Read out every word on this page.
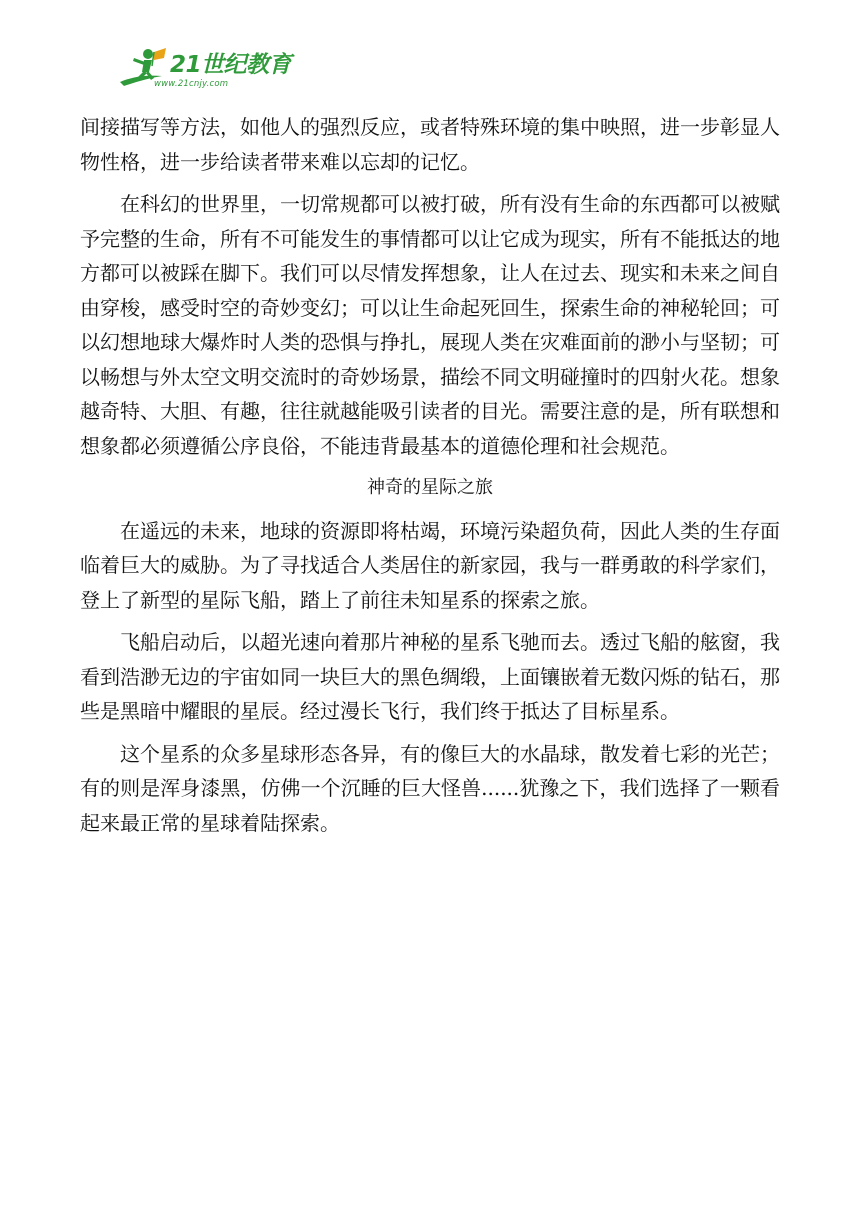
21世纪教育
www.21cnjy.com

间接描写等方法，如他人的强烈反应，或者特殊环境的集中映照，进一步彰显人物性格，进一步给读者带来难以忘却的记忆。

在科幻的世界里，一切常规都可以被打破，所有没有生命的东西都可以被赋予完整的生命，所有不可能发生的事情都可以让它成为现实，所有不能抵达的地方都可以被踩在脚下。我们可以尽情发挥想象，让人在过去、现实和未来之间自由穿梭，感受时空的奇妙变幻；可以让生命起死回生，探索生命的神秘轮回；可以幻想地球大爆炸时人类的恐惧与挣扎，展现人类在灾难面前的渺小与坚韧；可以畅想与外太空文明交流时的奇妙场景，描绘不同文明碰撞时的四射火花。想象越奇特、大胆、有趣，往往就越能吸引读者的目光。需要注意的是，所有联想和想象都必须遵循公序良俗，不能违背最基本的道德伦理和社会规范。

神奇的星际之旅

在遥远的未来，地球的资源即将枯竭，环境污染超负荷，因此人类的生存面临着巨大的威胁。为了寻找适合人类居住的新家园，我与一群勇敢的科学家们，登上了新型的星际飞船，踏上了前往未知星系的探索之旅。

飞船启动后，以超光速向着那片神秘的星系飞驰而去。透过飞船的舷窗，我看到浩渺无边的宇宙如同一块巨大的黑色绸缎，上面镶嵌着无数闪烁的钻石，那些是黑暗中耀眼的星辰。经过漫长飞行，我们终于抵达了目标星系。

这个星系的众多星球形态各异，有的像巨大的水晶球，散发着七彩的光芒；有的则是浑身漆黑，仿佛一个沉睡的巨大怪兽......犹豫之下，我们选择了一颗看起来最正常的星球着陆探索。
